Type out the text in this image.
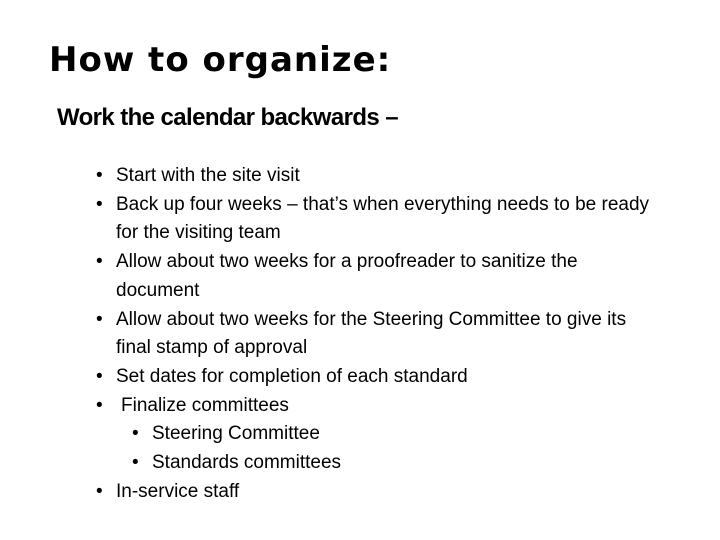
How to organize:
Work the calendar backwards –
• Start with the site visit
• Back up four weeks – that’s when everything needs to be ready for the visiting team
• Allow about two weeks for a proofreader to sanitize the document
• Allow about two weeks for the Steering Committee to give its final stamp of approval
• Set dates for completion of each standard
• Finalize committees
• Steering Committee
• Standards committees
• In-service staff
